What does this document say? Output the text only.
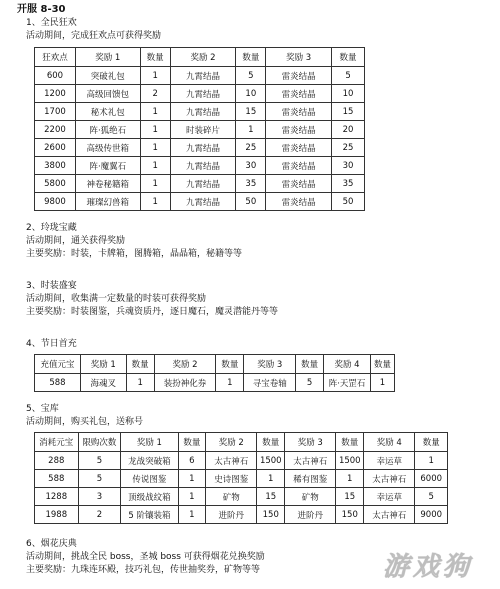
开服 8-30
1、全民狂欢
活动期间，完成狂欢点可获得奖励
狂欢点	奖励 1	数量	奖励 2	数量	奖励 3	数量
600	突破礼包	1	九霄结晶	5	雷炎结晶	5
1200	高级回馈包	2	九霄结晶	10	雷炎结晶	10
1700	秘术礼包	1	九霄结晶	15	雷炎结晶	15
2200	阵·狐绝石	1	时装碎片	1	雷炎结晶	20
2600	高级传世箱	1	九霄结晶	25	雷炎结晶	25
3800	阵·魔翼石	1	九霄结晶	30	雷炎结晶	30
5800	神卷秘籍箱	1	九霄结晶	35	雷炎结晶	35
9800	璀璨幻兽箱	1	九霄结晶	50	雷炎结晶	50
2、玲珑宝藏
活动期间，通关获得奖励
主要奖励：时装，卡牌箱，图腾箱，晶晶箱，秘籍等等
3、时装盛宴
活动期间，收集满一定数量的时装可获得奖励
主要奖励：时装图鉴，兵魂资质丹，逐日魔石，魔灵潜能丹等等
4、节日首充
充值元宝	奖励 1	数量	奖励 2	数量	奖励 3	数量	奖励 4	数量
588	海魂叉	1	装扮神化券	1	寻宝卷轴	5	阵·天罡石	1
5、宝库
活动期间，购买礼包，送称号
消耗元宝	限购次数	奖励 1	数量	奖励 2	数量	奖励 3	数量	奖励 4	数量
288	5	龙战突破箱	6	太古神石	1500	太古神石	1500	幸运草	1
588	5	传说图鉴	1	史诗图鉴	1	稀有图鉴	1	太古神石	6000
1288	3	顶级战纹箱	1	矿物	15	矿物	15	幸运草	5
1988	2	5 阶镶装箱	1	进阶丹	150	进阶丹	150	太古神石	9000
6、烟花庆典
活动期间，挑战全民 boss，圣城 boss 可获得烟花兑换奖励
主要奖励：九珠连环殿，技巧礼包，传世抽奖券，矿物等等	游戏狗
